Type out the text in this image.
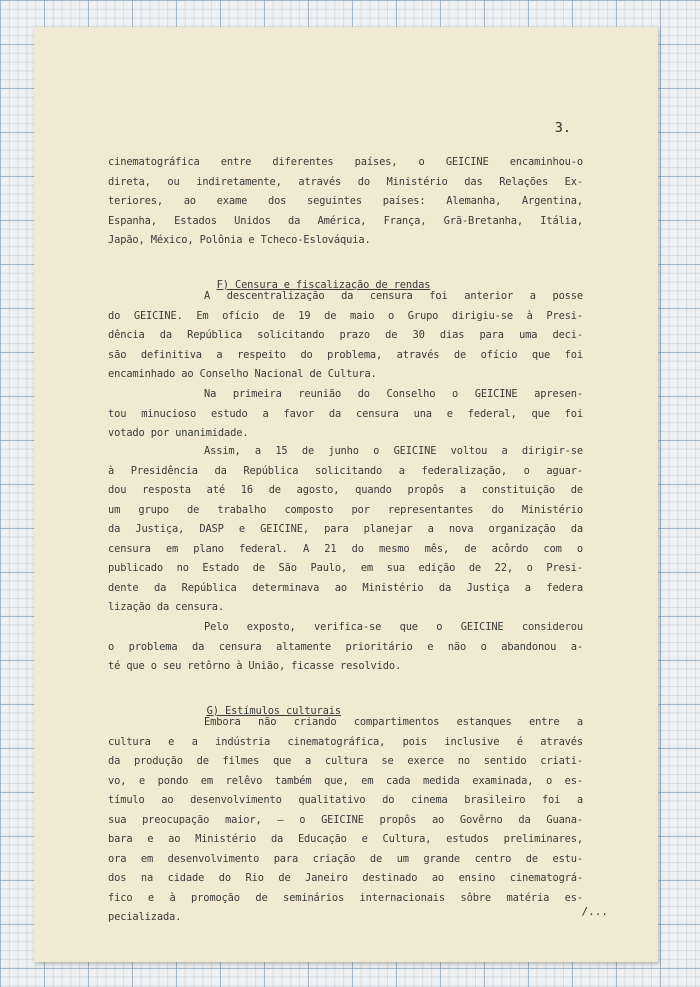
3.
cinematográfica entre diferentes países, o GEICINE encaminhou-o
direta, ou indiretamente, através do Ministério das Relações Ex-
teriores, ao exame dos seguintes países: Alemanha, Argentina,
Espanha, Estados Unidos da América, França, Grã-Bretanha, Itália,
Japão, México, Polônia e Tcheco-Eslováquia.

F) Censura e fiscalização de rendas

A descentralização da censura foi anterior a posse
do GEICINE. Em ofício de 19 de maio o Grupo dirigiu-se à Presi-
dência da República solicitando prazo de 30 dias para uma deci-
são definitiva a respeito do problema, através de ofício que foi
encaminhado ao Conselho Nacional de Cultura.
Na primeira reunião do Conselho o GEICINE apresen-
tou minucioso estudo a favor da censura una e federal, que foi
votado por unanimidade.
Assim, a 15 de junho o GEICINE voltou a dirigir-se
à Presidência da República solicitando a federalização, o aguar-
dou resposta até 16 de agosto, quando propôs a constituição de
um grupo de trabalho composto por representantes do Ministério
da Justiça, DASP e GEICINE, para planejar a nova organização da
censura em plano federal. A 21 do mesmo mês, de acôrdo com o
publicado no Estado de São Paulo, em sua edição de 22, o Presi-
dente da República determinava ao Ministério da Justiça a federa
lização da censura.
Pelo exposto, verifica-se que o GEICINE considerou
o problema da censura altamente prioritário e não o abandonou a-
té que o seu retôrno à União, ficasse resolvido.

G) Estímulos culturais

Embora não criando compartimentos estanques entre a
cultura e a indústria cinematográfica, pois inclusive é através
da produção de filmes que a cultura se exerce no sentido criati-
vo, e pondo em relêvo também que, em cada medida examinada, o es-
tímulo ao desenvolvimento qualitativo do cinema brasileiro foi a
sua preocupação maior, — o GEICINE propôs ao Govêrno da Guana-
bara e ao Ministério da Educação e Cultura, estudos preliminares,
ora em desenvolvimento para criação de um grande centro de estu-
dos na cidade do Rio de Janeiro destinado ao ensino cinematográ-
fico e à promoção de seminários internacionais sôbre matéria es-
pecializada.	/...
